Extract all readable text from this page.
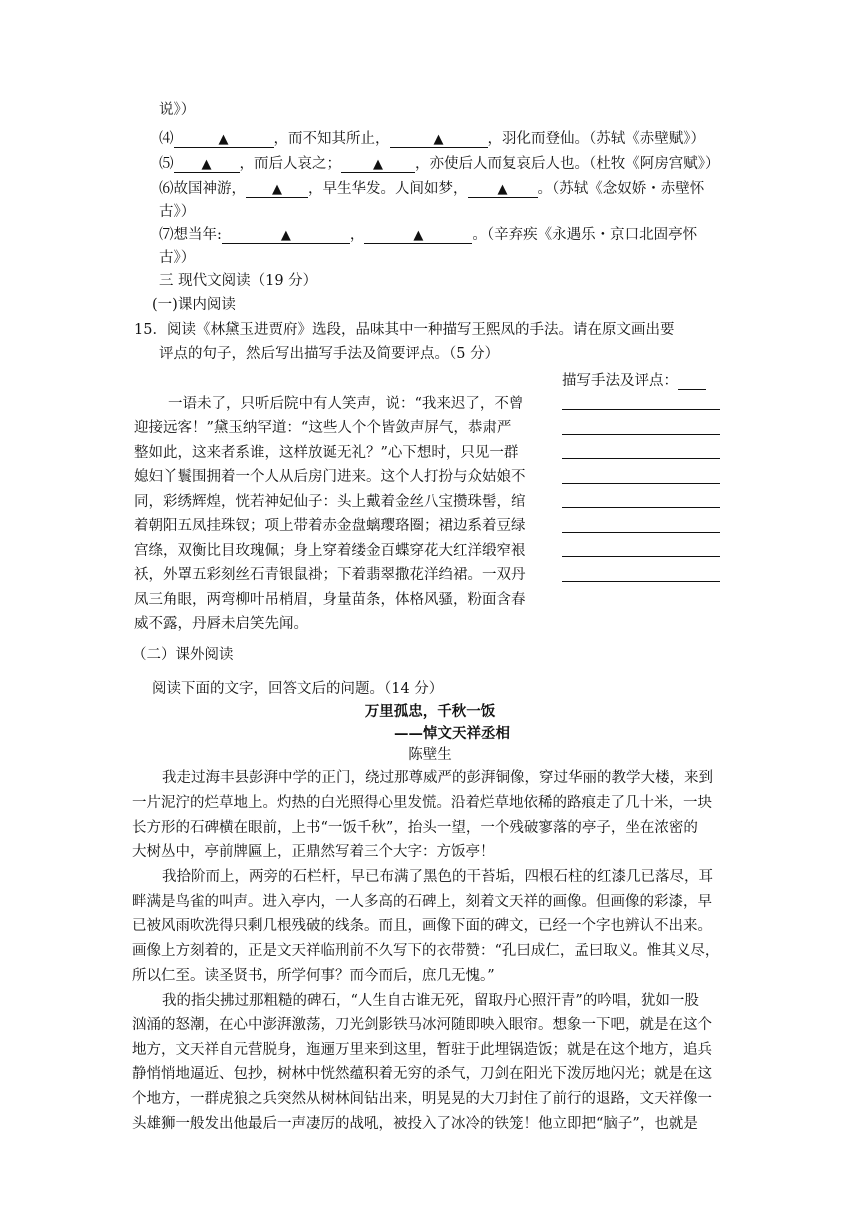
说》）
⑷	▲	，而不知其所止，	▲	，羽化而登仙。（苏轼《赤壁赋》）
⑸ ▲ ，而后人哀之； ▲ ，亦使后人而复哀后人也。（杜牧《阿房宫赋》）
⑹故国神游， ▲ ，早生华发。人间如梦， ▲ 。（苏轼《念奴娇・赤壁怀
古》）
⑺想当年:	▲	，	▲	。（辛弃疾《永遇乐・京口北固亭怀
古》）
三 现代文阅读（19 分）
(一)课内阅读
15．阅读《林黛玉进贾府》选段，品味其中一种描写王熙凤的手法。请在原文画出要
评点的句子，然后写出描写手法及简要评点。（5 分）
描写手法及评点：
一语未了，只听后院中有人笑声，说：“我来迟了，不曾
迎接远客！”黛玉纳罕道：“这些人个个皆敛声屏气，恭肃严
整如此，这来者系谁，这样放诞无礼？”心下想时，只见一群
媳妇丫鬟围拥着一个人从后房门进来。这个人打扮与众姑娘不
同，彩绣辉煌，恍若神妃仙子：头上戴着金丝八宝攒珠髻，绾
着朝阳五凤挂珠钗；项上带着赤金盘螭璎珞圈；裙边系着豆绿
宫绦，双衡比目玫瑰佩；身上穿着缕金百蝶穿花大红洋缎窄裉
袄，外罩五彩刻丝石青银鼠褂；下着翡翠撒花洋绉裙。一双丹
凤三角眼，两弯柳叶吊梢眉，身量苗条，体格风骚，粉面含春
威不露，丹唇未启笑先闻。
（二）课外阅读
阅读下面的文字，回答文后的问题。（14 分）
万里孤忠，千秋一饭
——悼文天祥丞相
陈壁生
我走过海丰县彭湃中学的正门，绕过那尊威严的彭湃铜像，穿过华丽的教学大楼，来到
一片泥泞的烂草地上。灼热的白光照得心里发慌。沿着烂草地依稀的路痕走了几十米，一块
长方形的石碑横在眼前，上书“一饭千秋”，抬头一望，一个残破寥落的亭子，坐在浓密的
大树丛中，亭前牌匾上，正鼎然写着三个大字：方饭亭！
我拾阶而上，两旁的石栏杆，早已布满了黑色的干苔垢，四根石柱的红漆几已落尽，耳
畔满是鸟雀的叫声。进入亭内，一人多高的石碑上，刻着文天祥的画像。但画像的彩漆，早
已被风雨吹洗得只剩几根残破的线条。而且，画像下面的碑文，已经一个字也辨认不出来。
画像上方刻着的，正是文天祥临刑前不久写下的衣带赞：“孔曰成仁，孟曰取义。惟其义尽，
所以仁至。读圣贤书，所学何事？而今而后，庶几无愧。”
我的指尖拂过那粗糙的碑石，“人生自古谁无死，留取丹心照汗青”的吟唱，犹如一股
汹涌的怒潮，在心中澎湃激荡，刀光剑影铁马冰河随即映入眼帘。想象一下吧，就是在这个
地方，文天祥自元营脱身，迤逦万里来到这里，暂驻于此埋锅造饭；就是在这个地方，追兵
静悄悄地逼近、包抄，树林中恍然蕴积着无穷的杀气，刀剑在阳光下泼厉地闪光；就是在这
个地方，一群虎狼之兵突然从树林间钻出来，明晃晃的大刀封住了前行的退路，文天祥像一
头雄狮一般发出他最后一声凄厉的战吼，被投入了冰冷的铁笼！他立即把“脑子”，也就是
